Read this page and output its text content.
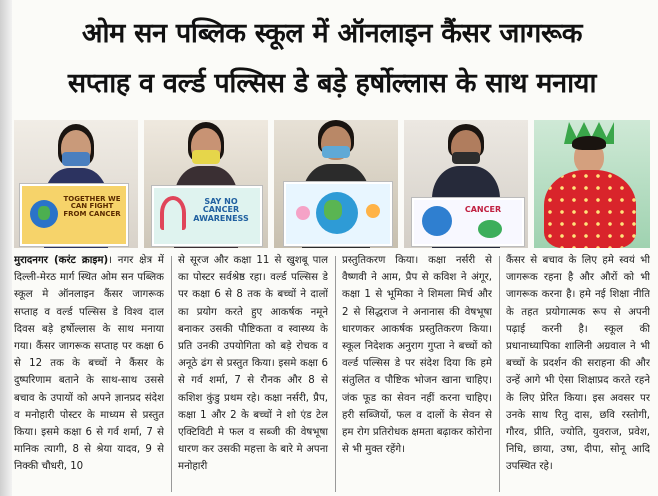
ओम सन पब्लिक स्कूल में ऑनलाइन कैंसर जागरूक
सप्ताह व वर्ल्ड पल्सिस डे बड़े हर्षोल्लास के साथ मनाया
TOGETHER WE CAN FIGHT FROM CANCER
SAY NO CANCER AWARENESS
CANCER
मुरादनगर (करंट क्राइम)। नगर क्षेत्र में दिल्ली-मेरठ मार्ग स्थित ओम सन पब्लिक स्कूल मे ऑनलाइन कैंसर जागरूक सप्ताह व वर्ल्ड पल्सिस डे विश्व दाल दिवस बड़े हर्षोल्लास के साथ मनाया गया। कैंसर जागरूक सप्ताह पर कक्षा 6 से 12 तक के बच्चों ने कैंसर के दुष्परिणाम बताने के साथ-साथ उससे बचाव के उपायों को अपने ज्ञानप्रद संदेश व मनोहारी पोस्टर के माध्यम से प्रस्तुत किया। इसमे कक्षा 6 से गर्व शर्मा, 7 से मानिक त्यागी, 8 से श्रेया यादव, 9 से निक्की चौधरी, 10
से सूरज और कक्षा 11 से खुशबू पाल का पोस्टर सर्वश्रेष्ठ रहा। वर्ल्ड पल्सिस डे पर कक्षा 6 से 8 तक के बच्चों ने दालों का प्रयोग करते हुए आकर्षक नमूने बनाकर उसकी पौष्टिकता व स्वास्थ्य के प्रति उनकी उपयोगिता को बड़े रोचक व अनूठे ढंग से प्रस्तुत किया। इसमे कक्षा 6 से गर्व शर्मा, 7 से रौनक और 8 से कशिश कुंडु प्रथम रहे। कक्षा नर्सरी, प्रैप, कक्षा 1 और 2 के बच्चों ने शो एंड टेल एक्टिविटी मे फल व सब्जी की वेषभूषा धारण कर उसकी महत्ता के बारे मे अपना मनोहारी
प्रस्तुतिकरण किया। कक्षा नर्सरी से वैष्णवी ने आम, प्रैप से कविश ने अंगूर, कक्षा 1 से भूमिका ने शिमला मिर्च और 2 से सिद्धराज ने अनानास की वेषभूषा धारणकर आकर्षक प्रस्तुतिकरण किया। स्कूल निदेशक अनुराग गुप्ता ने बच्चों को वर्ल्ड पल्सिस डे पर संदेश दिया कि हमे संतुलित व पौष्टिक भोजन खाना चाहिए। जंक फूड का सेवन नहीं करना चाहिए। हरी सब्जियों, फल व दालों के सेवन से हम रोग प्रतिरोधक क्षमता बढ़ाकर कोरोना से भी मुक्त रहेंगे।
कैंसर से बचाव के लिए हमे स्वयं भी जागरूक रहना है और औरों को भी जागरूक करना है। हमे नई शिक्षा नीति के तहत प्रयोगात्मक रूप से अपनी पढ़ाई करनी है। स्कूल की प्रधानाध्यापिका शालिनी अग्रवाल ने भी बच्चों के प्रदर्शन की सराहना की और उन्हें आगे भी ऐसा शिक्षाप्रद करते रहने के लिए प्रेरित किया। इस अवसर पर उनके साथ रितु दास, छवि रस्तोगी, गौरव, प्रीति, ज्योति, युवराज, प्रवेश, निधि, छाया, उषा, दीपा, सोनू आदि उपस्थित रहे।
